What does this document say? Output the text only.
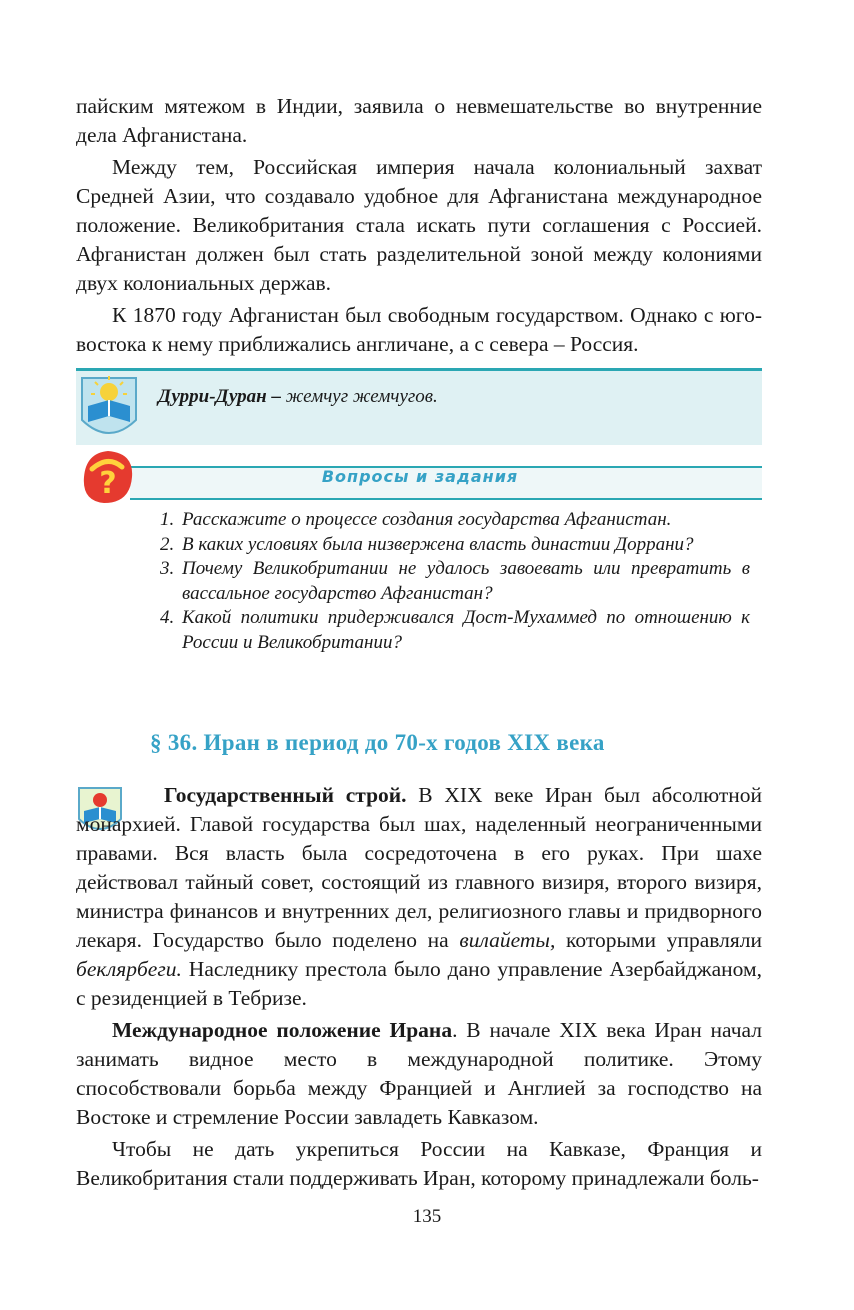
пайским мятежом в Индии, заявила о невмешательстве во внутренние дела Афганистана.

Между тем, Российская империя начала колониальный захват Средней Азии, что создавало удобное для Афганистана международное положение. Великобритания стала искать пути соглашения с Россией. Афганистан должен был стать разделительной зоной между колониями двух колониальных держав.

К 1870 году Афганистан был свободным государством. Однако с юго-востока к нему приближались англичане, а с севера – Россия.

Дурри-Дуран – жемчуг жемчугов.
?	Вопросы и задания
1. Расскажите о процессе создания государства Афганистан.
2. В каких условиях была низвержена власть династии Доррани?
3. Почему Великобритании не удалось завоевать или превратить в вассальное государство Афганистан?
4. Какой политики придерживался Дост-Мухаммед по отношению к России и Великобритании?
§ 36. Иран в период до 70-х годов XIX века

Государственный строй. В XIX веке Иран был абсолютной монархией. Главой государства был шах, наделенный неограниченными правами. Вся власть была сосредоточена в его руках. При шахе действовал тайный совет, состоящий из главного визиря, второго визиря, министра финансов и внутренних дел, религиозного главы и придворного лекаря. Государство было поделено на вилайеты, которыми управляли беклярбеги. Наследнику престола было дано управление Азербайджаном, с резиденцией в Тебризе.

Международное положение Ирана. В начале XIX века Иран начал занимать видное место в международной политике. Этому способствовали борьба между Францией и Англией за господство на Востоке и стремление России завладеть Кавказом.

Чтобы не дать укрепиться России на Кавказе, Франция и Великобритания стали поддерживать Иран, которому принадлежали боль-

135
